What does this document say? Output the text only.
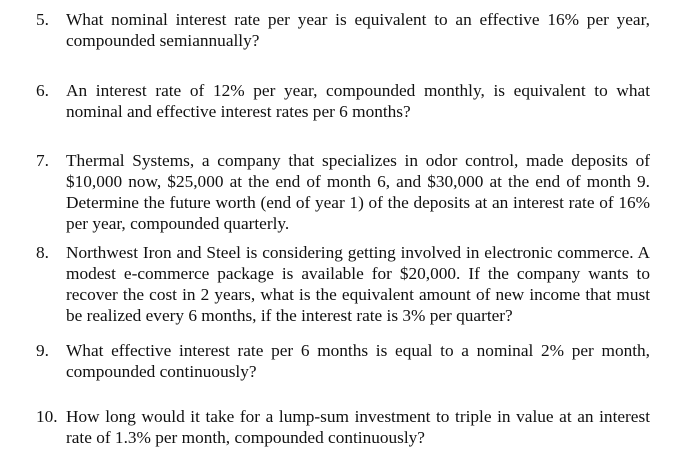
5. What nominal interest rate per year is equivalent to an effective 16% per year, compounded semiannually?
6. An interest rate of 12% per year, compounded monthly, is equivalent to what nominal and effective interest rates per 6 months?
7. Thermal Systems, a company that specializes in odor control, made deposits of $10,000 now, $25,000 at the end of month 6, and $30,000 at the end of month 9. Determine the future worth (end of year 1) of the deposits at an interest rate of 16% per year, compounded quarterly.
8. Northwest Iron and Steel is considering getting involved in electronic commerce. A modest e-commerce package is available for $20,000. If the company wants to recover the cost in 2 years, what is the equivalent amount of new income that must be realized every 6 months, if the interest rate is 3% per quarter?
9. What effective interest rate per 6 months is equal to a nominal 2% per month, compounded continuously?
10. How long would it take for a lump-sum investment to triple in value at an interest rate of 1.3% per month, compounded continuously?
